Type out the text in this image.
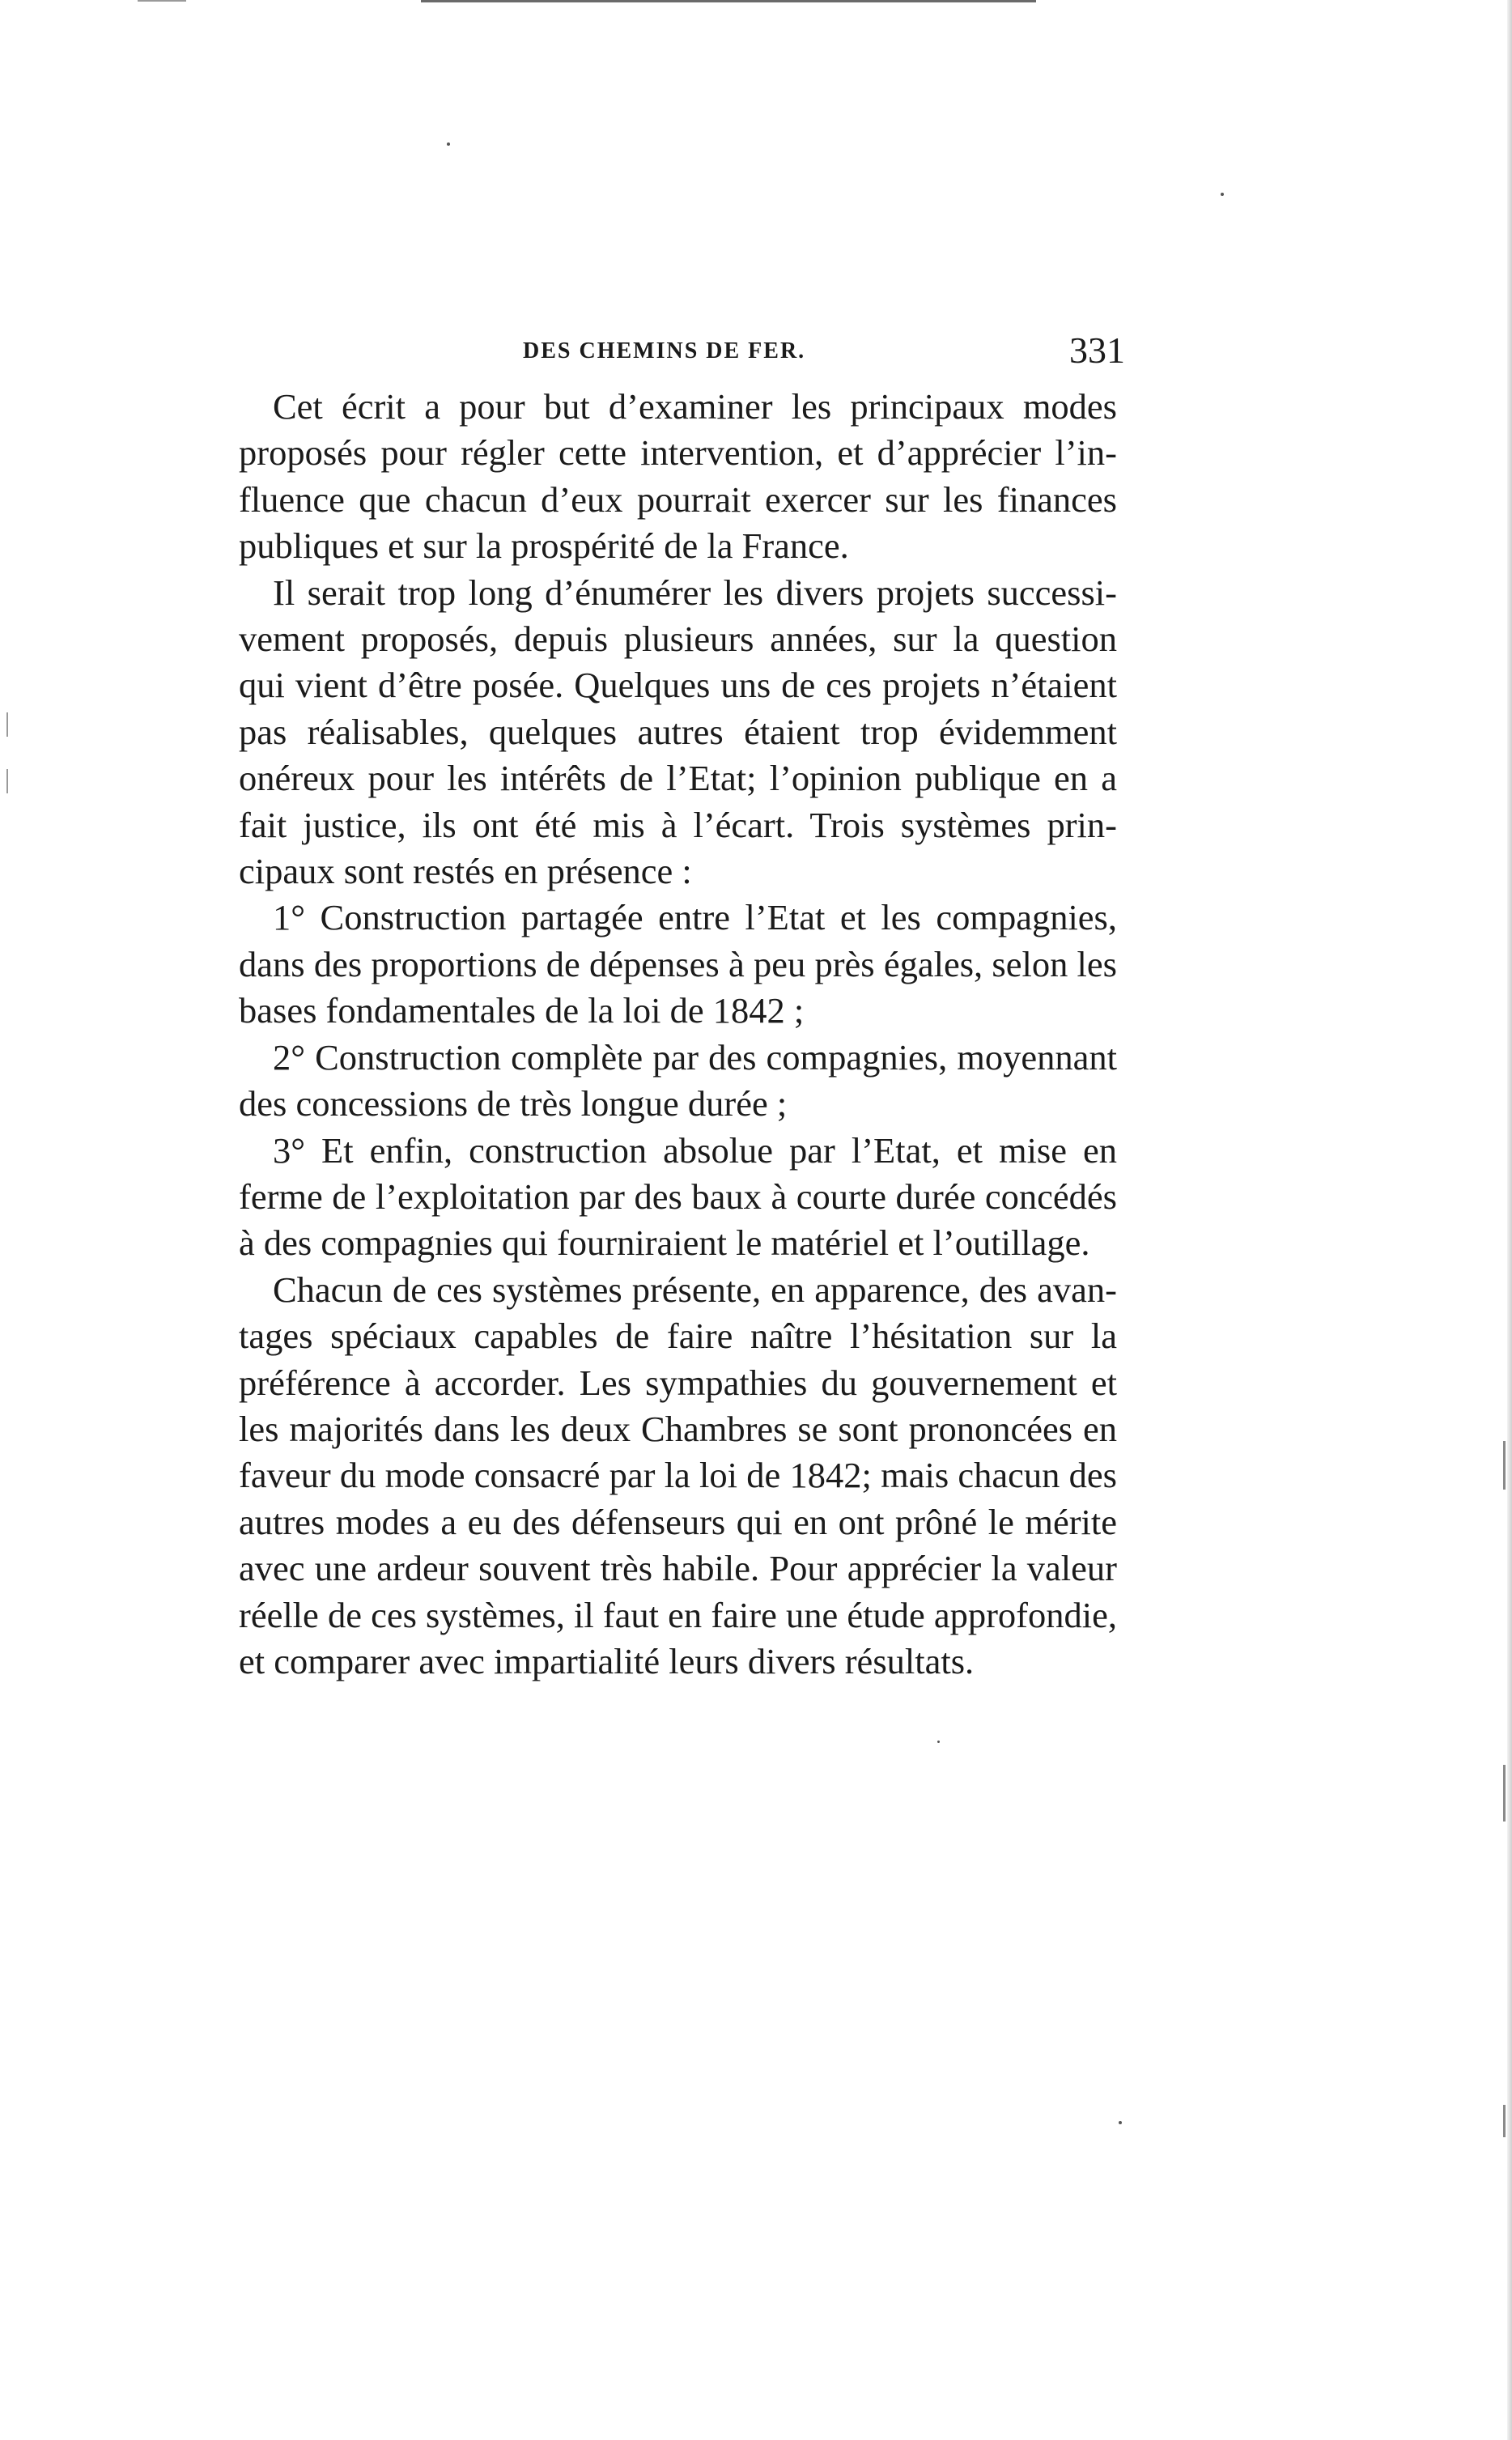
DES CHEMINS DE FER.	331

Cet écrit a pour but d’examiner les principaux modes proposés pour régler cette intervention, et d’apprécier l’influence que chacun d’eux pourrait exercer sur les finances publiques et sur la prospérité de la France.

Il serait trop long d’énumérer les divers projets successivement proposés, depuis plusieurs années, sur la question qui vient d’être posée. Quelques uns de ces projets n’étaient pas réalisables, quelques autres étaient trop évidemment onéreux pour les intérêts de l’Etat; l’opinion publique en a fait justice, ils ont été mis à l’écart. Trois systèmes principaux sont restés en présence :

1° Construction partagée entre l’Etat et les compagnies, dans des proportions de dépenses à peu près égales, selon les bases fondamentales de la loi de 1842 ;

2° Construction complète par des compagnies, moyennant des concessions de très longue durée ;

3° Et enfin, construction absolue par l’Etat, et mise en ferme de l’exploitation par des baux à courte durée concédés à des compagnies qui fourniraient le matériel et l’outillage.

Chacun de ces systèmes présente, en apparence, des avantages spéciaux capables de faire naître l’hésitation sur la préférence à accorder. Les sympathies du gouvernement et les majorités dans les deux Chambres se sont prononcées en faveur du mode consacré par la loi de 1842; mais chacun des autres modes a eu des défenseurs qui en ont prôné le mérite avec une ardeur souvent très habile. Pour apprécier la valeur réelle de ces systèmes, il faut en faire une étude approfondie, et comparer avec impartialité leurs divers résultats.
